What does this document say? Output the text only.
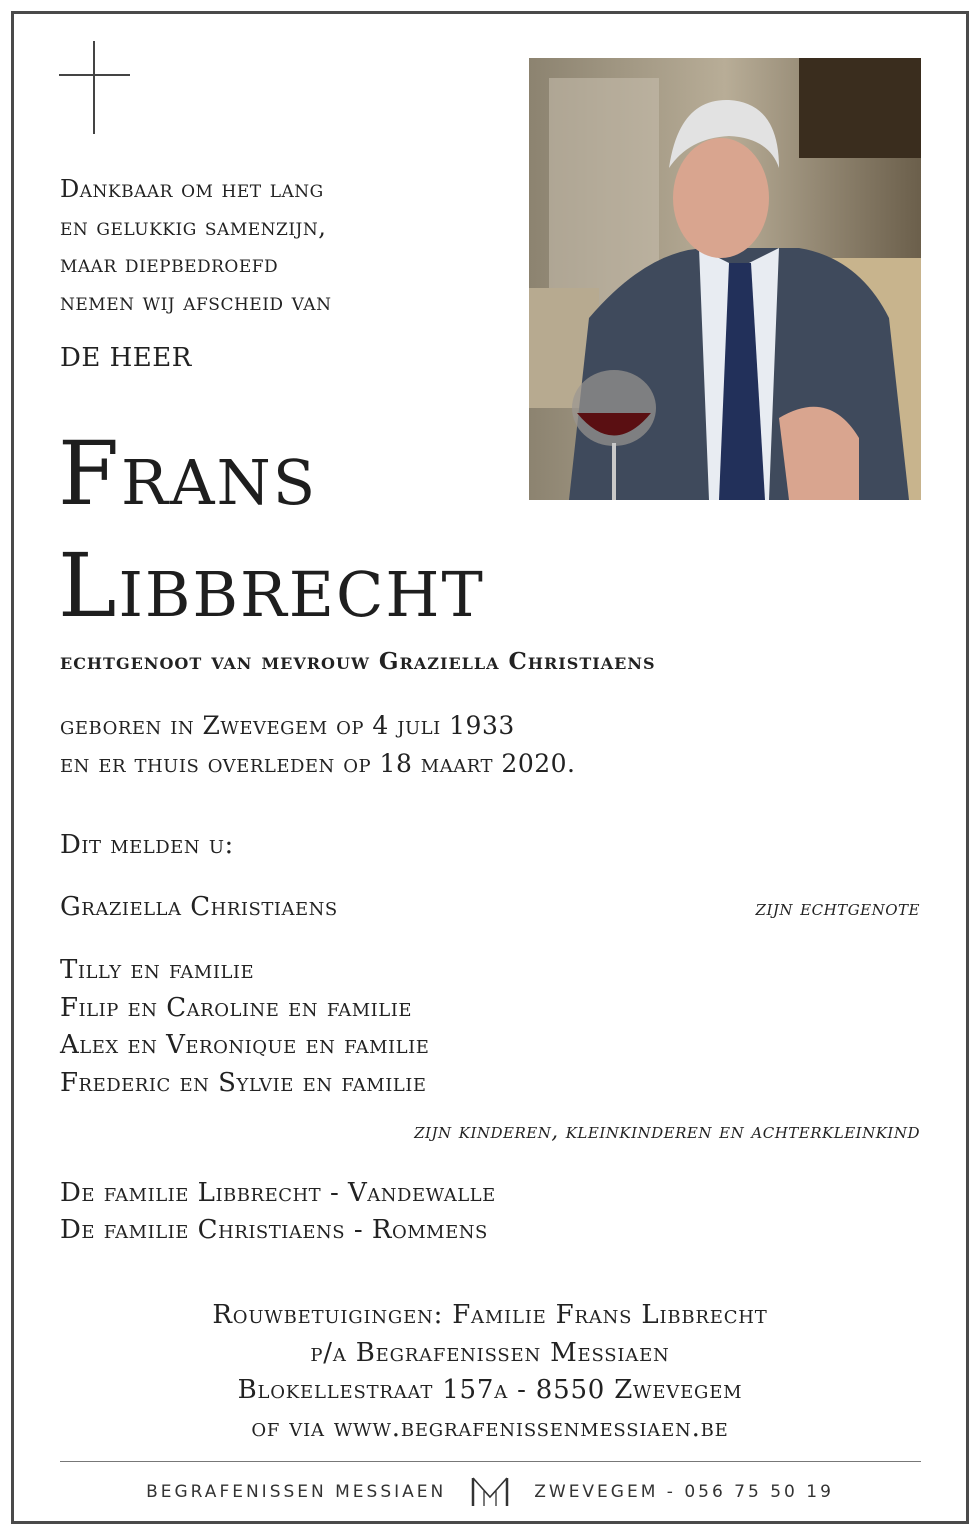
Dankbaar om het lang
en gelukkig samenzijn,
maar diepbedroefd
nemen wij afscheid van
DE HEER
Frans
Libbrecht
echtgenoot van mevrouw Graziella Christiaens
geboren in Zwevegem op 4 juli 1933
en er thuis overleden op 18 maart 2020.
Dit melden u:
Graziella Christiaens	zijn echtgenote
Tilly en familie
Filip en Caroline en familie
Alex en Veronique en familie
Frederic en Sylvie en familie
zijn kinderen, kleinkinderen en achterkleinkind
De familie Libbrecht - Vandewalle
De familie Christiaens - Rommens
Rouwbetuigingen: Familie Frans Libbrecht
p/a Begrafenissen Messiaen
Blokellestraat 157a - 8550 Zwevegem
of via www.begrafenissenmessiaen.be
BEGRAFENISSEN MESSIAEN	ZWEVEGEM - 056 75 50 19
